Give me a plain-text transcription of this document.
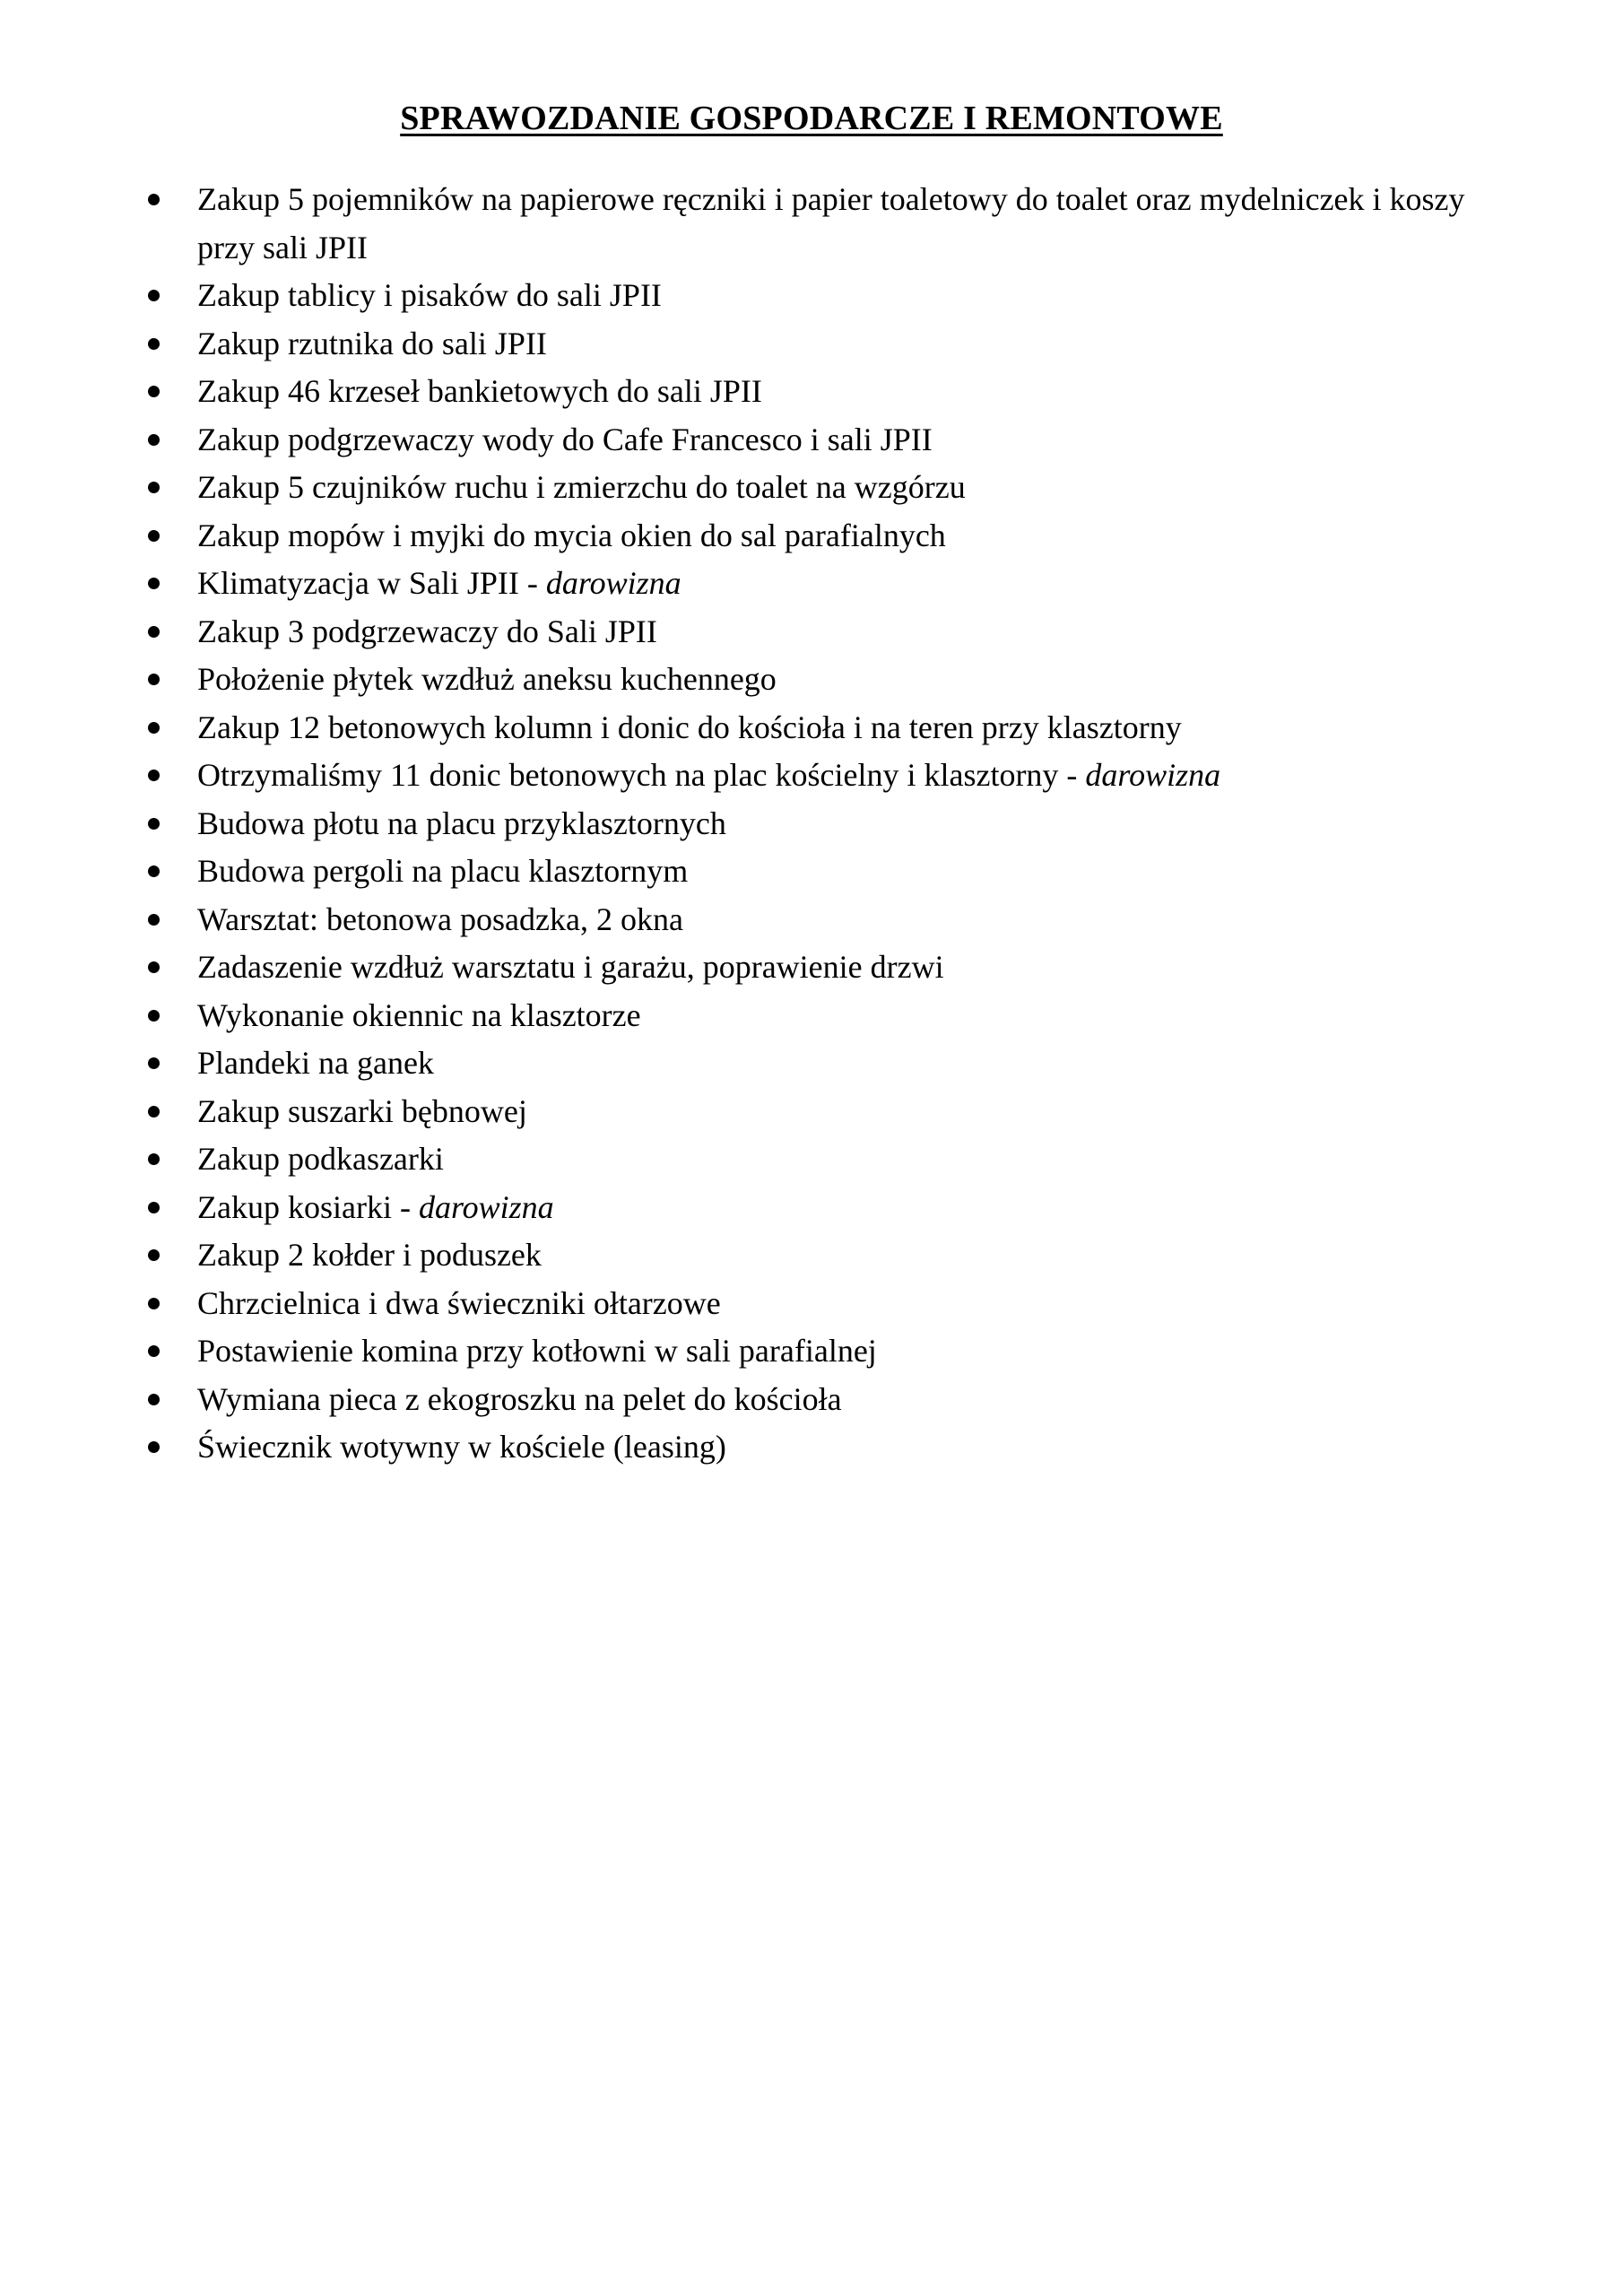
SPRAWOZDANIE GOSPODARCZE I REMONTOWE
Zakup 5 pojemników na papierowe ręczniki i papier toaletowy do toalet oraz mydelniczek i koszy przy sali JPII
Zakup tablicy i pisaków do sali JPII
Zakup rzutnika do sali JPII
Zakup 46 krzeseł bankietowych do sali JPII
Zakup podgrzewaczy wody do Cafe Francesco i sali JPII
Zakup 5 czujników ruchu i zmierzchu do toalet na wzgórzu
Zakup mopów i myjki do mycia okien do sal parafialnych
Klimatyzacja w Sali JPII - darowizna
Zakup 3 podgrzewaczy do Sali JPII
Położenie płytek wzdłuż aneksu kuchennego
Zakup 12 betonowych kolumn i donic do kościoła i na teren przy klasztorny
Otrzymaliśmy 11 donic betonowych na plac kościelny i klasztorny - darowizna
Budowa płotu na placu przyklasztornych
Budowa pergoli na placu klasztornym
Warsztat: betonowa posadzka, 2 okna
Zadaszenie wzdłuż warsztatu i garażu, poprawienie drzwi
Wykonanie okiennic na klasztorze
Plandeki na ganek
Zakup suszarki bębnowej
Zakup podkaszarki
Zakup kosiarki - darowizna
Zakup 2 kołder i poduszek
Chrzcielnica i dwa świeczniki ołtarzowe
Postawienie komina przy kotłowni w sali parafialnej
Wymiana pieca z ekogroszku na pelet do kościoła
Świecznik wotywny w kościele (leasing)
